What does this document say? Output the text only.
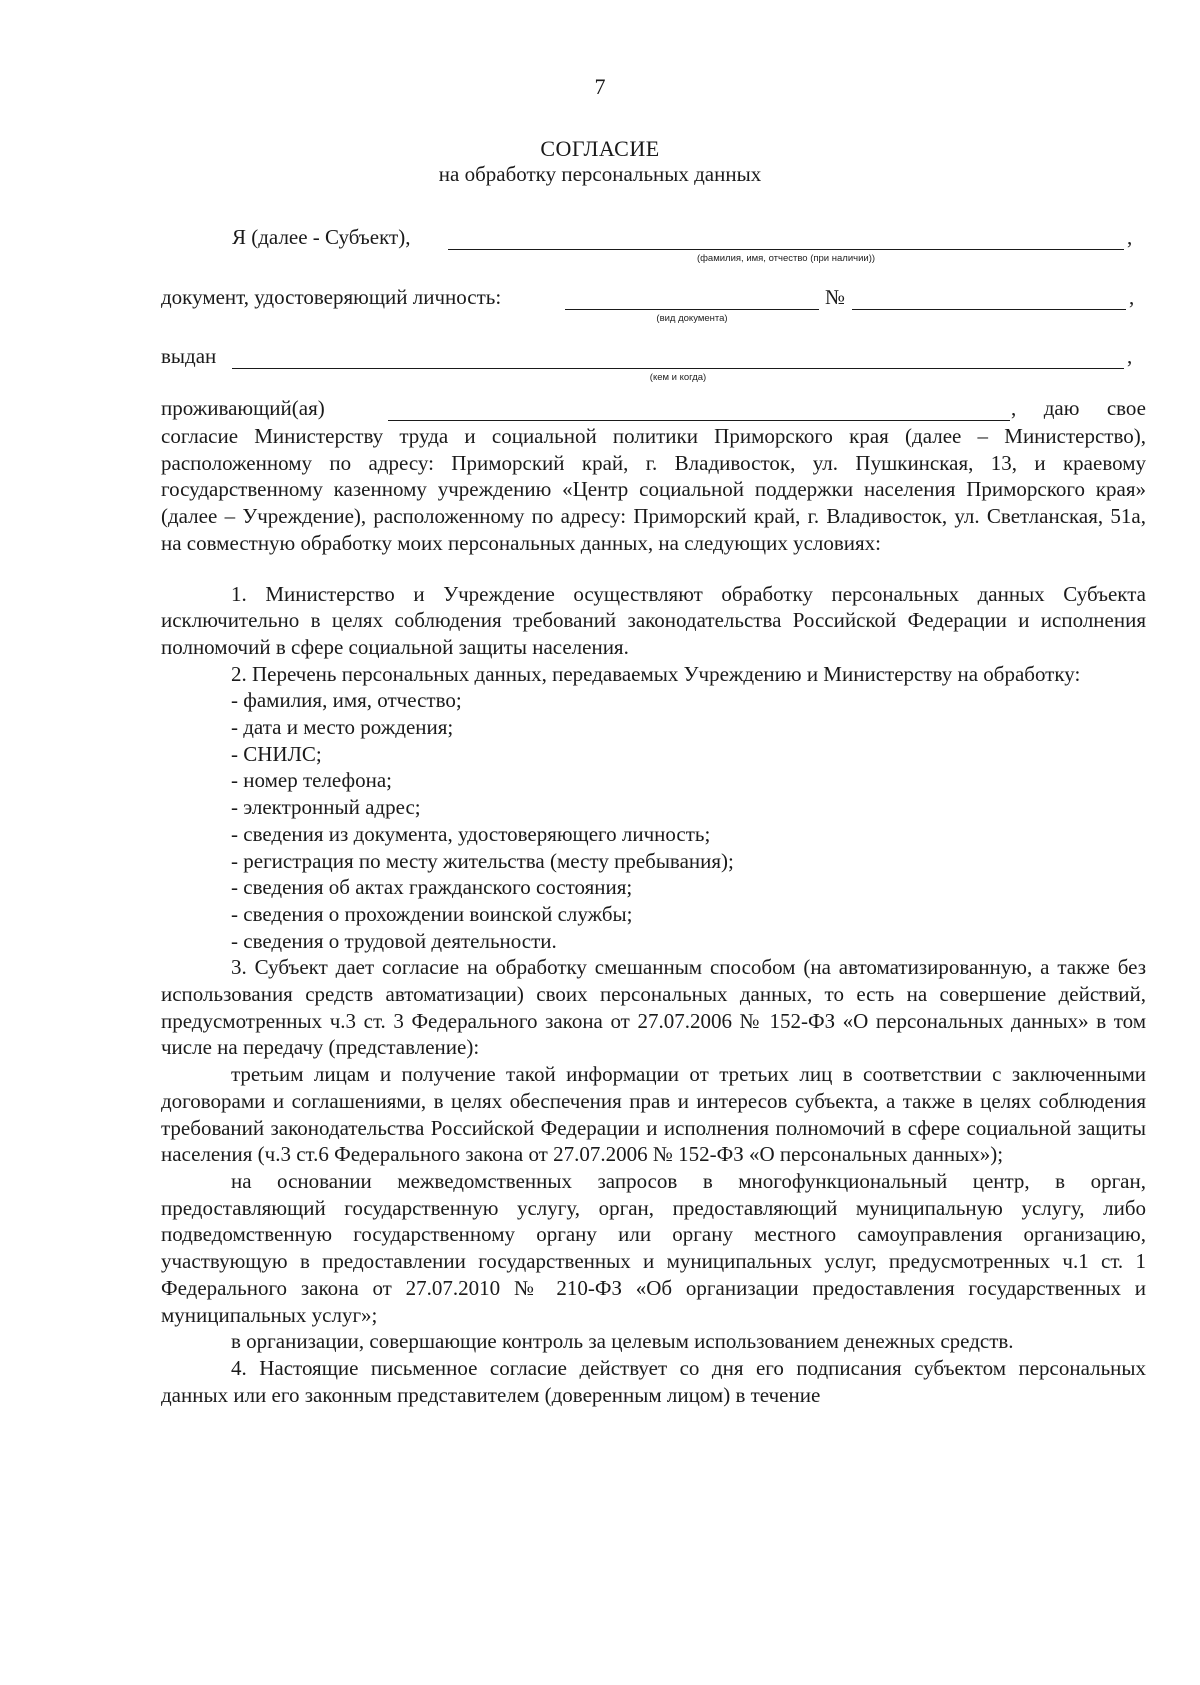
7
СОГЛАСИЕ
на обработку персональных данных
Я (далее - Субъект),	,
(фамилия, имя, отчество (при наличии))
документ, удостоверяющий личность:
(вид документа)
№	,
выдан	,
(кем и когда)
проживающий(ая)	, даю свое

согласие Министерству труда и социальной политики Приморского края (далее – Министерство), расположенному по адресу: Приморский край, г. Владивосток, ул. Пушкинская, 13, и краевому государственному казенному учреждению «Центр социальной поддержки населения Приморского края» (далее – Учреждение), расположенному по адресу: Приморский край, г. Владивосток, ул. Светланская, 51а, на совместную обработку моих персональных данных, на следующих условиях:

1. Министерство и Учреждение осуществляют обработку персональных данных Субъекта исключительно в целях соблюдения требований законодательства Российской Федерации и исполнения полномочий в сфере социальной защиты населения.

2. Перечень персональных данных, передаваемых Учреждению и Министерству на обработку:

- фамилия, имя, отчество;

- дата и место рождения;

- СНИЛС;

- номер телефона;

- электронный адрес;

- сведения из документа, удостоверяющего личность;

- регистрация по месту жительства (месту пребывания);

- сведения об актах гражданского состояния;

- сведения о прохождении воинской службы;

- сведения о трудовой деятельности.

3. Субъект дает согласие на обработку смешанным способом (на автоматизированную, а также без использования средств автоматизации) своих персональных данных, то есть на совершение действий, предусмотренных ч.3 ст. 3 Федерального закона от 27.07.2006 № 152-ФЗ «О персональных данных» в том числе на передачу (представление):

третьим лицам и получение такой информации от третьих лиц в соответствии с заключенными договорами и соглашениями, в целях обеспечения прав и интересов субъекта, а также в целях соблюдения требований законодательства Российской Федерации и исполнения полномочий в сфере социальной защиты населения (ч.3 ст.6 Федерального закона от 27.07.2006 № 152-ФЗ «О персональных данных»);

на основании межведомственных запросов в многофункциональный центр, в орган, предоставляющий государственную услугу, орган, предоставляющий муниципальную услугу, либо подведомственную государственному органу или органу местного самоуправления организацию, участвующую в предоставлении государственных и муниципальных услуг, предусмотренных ч.1 ст. 1 Федерального закона от 27.07.2010 № 210-ФЗ «Об организации предоставления государственных и муниципальных услуг»;

в организации, совершающие контроль за целевым использованием денежных средств.

4. Настоящие письменное согласие действует со дня его подписания субъектом персональных данных или его законным представителем (доверенным лицом) в течение
